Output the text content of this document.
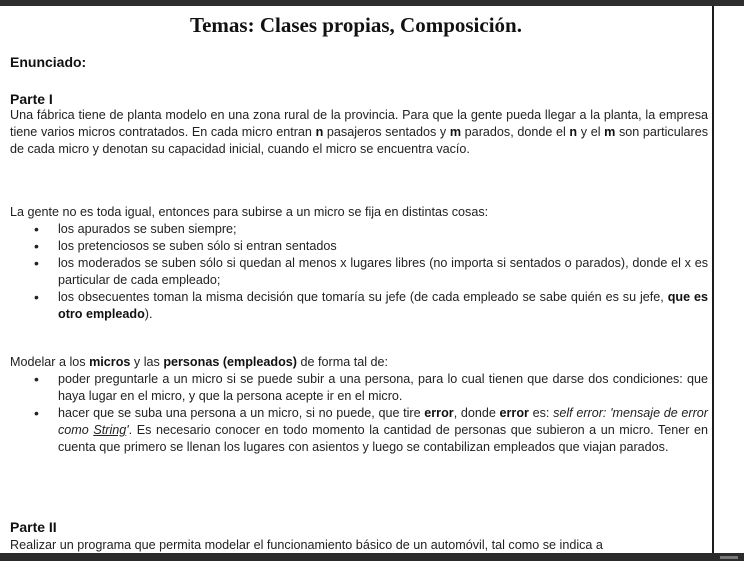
Temas: Clases propias, Composición.
Enunciado:
Parte I

Una fábrica tiene de planta modelo en una zona rural de la provincia. Para que la gente pueda llegar a la planta, la empresa tiene varios micros contratados. En cada micro entran n pasajeros sentados y m parados, donde el n y el m son particulares de cada micro y denotan su capacidad inicial, cuando el micro se encuentra vacío.

La gente no es toda igual, entonces para subirse a un micro se fija en distintas cosas:

• los apurados se suben siempre;
• los pretenciosos se suben sólo si entran sentados
• los moderados se suben sólo si quedan al menos x lugares libres (no importa si sentados o parados), donde el x es particular de cada empleado;
• los obsecuentes toman la misma decisión que tomaría su jefe (de cada empleado se sabe quién es su jefe, que es otro empleado).

Modelar a los micros y las personas (empleados) de forma tal de:

• poder preguntarle a un micro si se puede subir a una persona, para lo cual tienen que darse dos condiciones: que haya lugar en el micro, y que la persona acepte ir en el micro.
• hacer que se suba una persona a un micro, si no puede, que tire error, donde error es: self error: 'mensaje de error como String'. Es necesario conocer en todo momento la cantidad de personas que subieron a un micro. Tener en cuenta que primero se llenan los lugares con asientos y luego se contabilizan empleados que viajan parados.
Parte II

Realizar un programa que permita modelar el funcionamiento básico de un automóvil, tal como se indica a
